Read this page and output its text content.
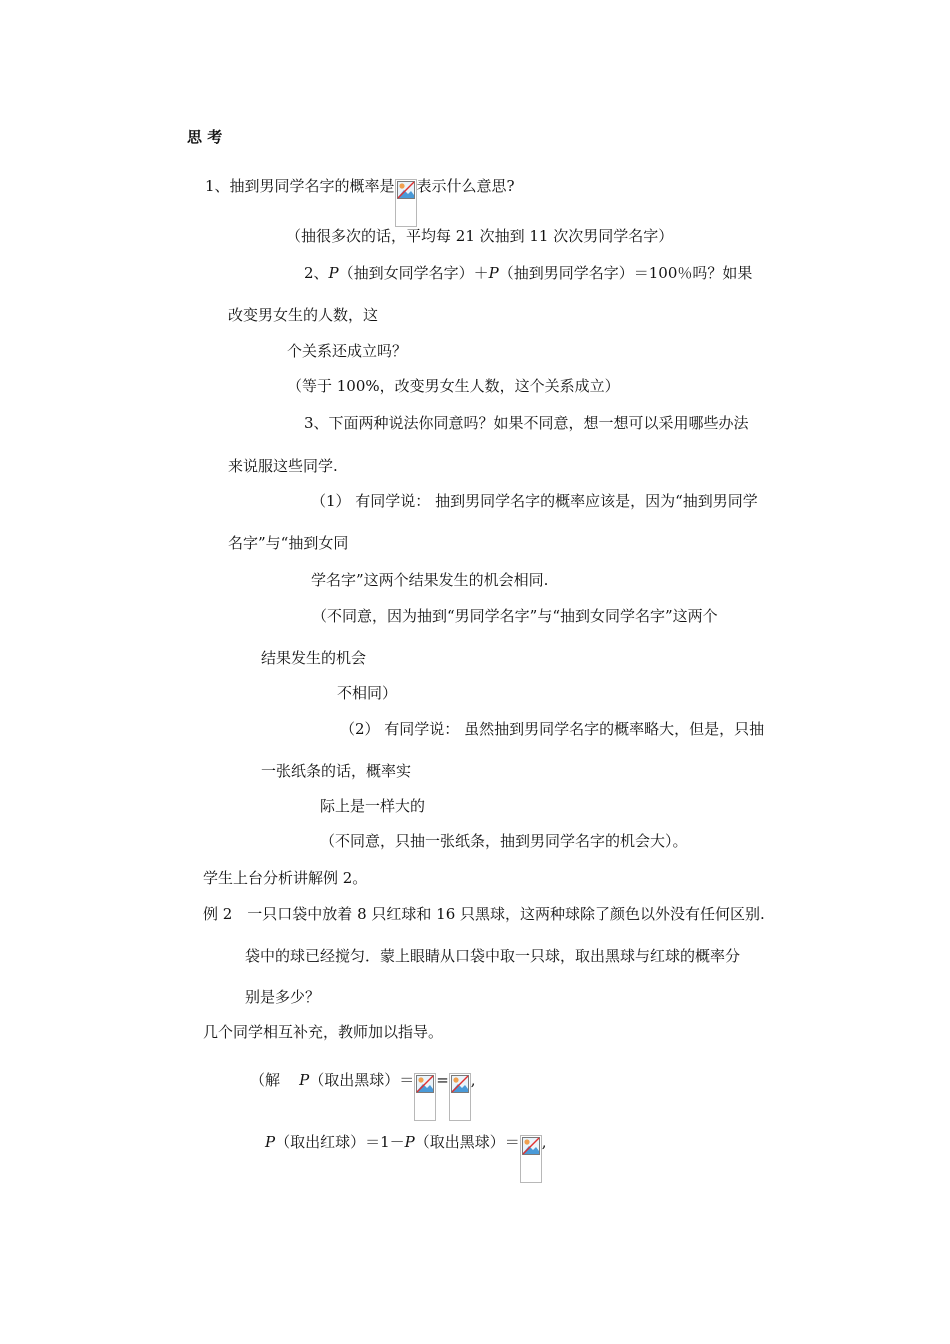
思 考
1、抽到男同学名字的概率是 表示什么意思?
（抽很多次的话，平均每 21 次抽到 11 次次男同学名字）
2、P（抽到女同学名字）＋P（抽到男同学名字）＝100％吗？如果
改变男女生的人数，这
个关系还成立吗？
（等于 100%，改变男女生人数，这个关系成立）
3、下面两种说法你同意吗？如果不同意，想一想可以采用哪些办法
来说服这些同学.
（1） 有同学说： 抽到男同学名字的概率应该是，因为“抽到男同学
名字”与“抽到女同
学名字”这两个结果发生的机会相同.
（不同意，因为抽到“男同学名字”与“抽到女同学名字”这两个
结果发生的机会
不相同）
（2） 有同学说： 虽然抽到男同学名字的概率略大，但是，只抽
一张纸条的话，概率实
际上是一样大的
（不同意，只抽一张纸条，抽到男同学名字的机会大）。
学生上台分析讲解例 2。
例 2　一只口袋中放着 8 只红球和 16 只黑球，这两种球除了颜色以外没有任何区别.
袋中的球已经搅匀．蒙上眼睛从口袋中取一只球，取出黑球与红球的概率分
别是多少？
几个同学相互补充，教师加以指导。
（解 P（取出黑球）＝ = ,
P（取出红球）＝1－P（取出黑球）＝ ,
